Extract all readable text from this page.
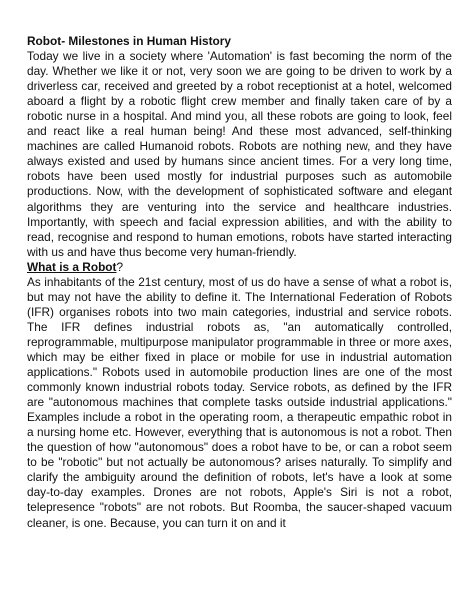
Robot- Milestones in Human History

Today we live in a society where 'Automation' is fast becoming the norm of the day. Whether we like it or not, very soon we are going to be driven to work by a driverless car, received and greeted by a robot receptionist at a hotel, welcomed aboard a flight by a robotic flight crew member and finally taken care of by a robotic nurse in a hospital. And mind you, all these robots are going to look, feel and react like a real human being! And these most advanced, self-thinking machines are called Humanoid robots. Robots are nothing new, and they have always existed and used by humans since ancient times. For a very long time, robots have been used mostly for industrial purposes such as automobile productions. Now, with the development of sophisticated software and elegant algorithms they are venturing into the service and healthcare industries. Importantly, with speech and facial expression abilities, and with the ability to read, recognise and respond to human emotions, robots have started interacting with us and have thus become very human-friendly.

What is a Robot?

As inhabitants of the 21st century, most of us do have a sense of what a robot is, but may not have the ability to define it. The International Federation of Robots (IFR) organises robots into two main categories, industrial and service robots. The IFR defines industrial robots as, "an automatically controlled, reprogrammable, multipurpose manipulator programmable in three or more axes, which may be either fixed in place or mobile for use in industrial automation applications." Robots used in automobile production lines are one of the most commonly known industrial robots today. Service robots, as defined by the IFR are "autonomous machines that complete tasks outside industrial applications." Examples include a robot in the operating room, a therapeutic empathic robot in a nursing home etc. However, everything that is autonomous is not a robot. Then the question of how "autonomous" does a robot have to be, or can a robot seem to be "robotic" but not actually be autonomous? arises naturally. To simplify and clarify the ambiguity around the definition of robots, let's have a look at some day-to-day examples. Drones are not robots, Apple's Siri is not a robot, telepresence "robots" are not robots. But Roomba, the saucer-shaped vacuum cleaner, is one. Because, you can turn it on and it
